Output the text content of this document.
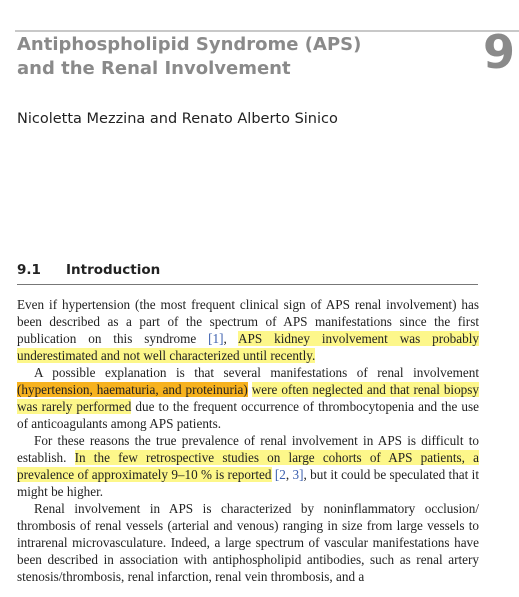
Antiphospholipid Syndrome (APS)
and the Renal Involvement	9
Nicoletta Mezzina and Renato Alberto Sinico
9.1 Introduction

Even if hypertension (the most frequent clinical sign of APS renal involvement) has been described as a part of the spectrum of APS manifestations since the first publication on this syndrome [1], APS kidney involvement was probably underestimated and not well characterized until recently.

A possible explanation is that several manifestations of renal involvement (hypertension, haematuria, and proteinuria) were often neglected and that renal biopsy was rarely performed due to the frequent occurrence of thrombocytopenia and the use of anticoagulants among APS patients.

For these reasons the true prevalence of renal involvement in APS is difficult to establish. In the few retrospective studies on large cohorts of APS patients, a prevalence of approximately 9–10 % is reported [2, 3], but it could be speculated that it might be higher.

Renal involvement in APS is characterized by noninflammatory occlusion/ thrombosis of renal vessels (arterial and venous) ranging in size from large vessels to intrarenal microvasculature. Indeed, a large spectrum of vascular manifestations have been described in association with antiphospholipid antibodies, such as renal artery stenosis/thrombosis, renal infarction, renal vein thrombosis, and a
